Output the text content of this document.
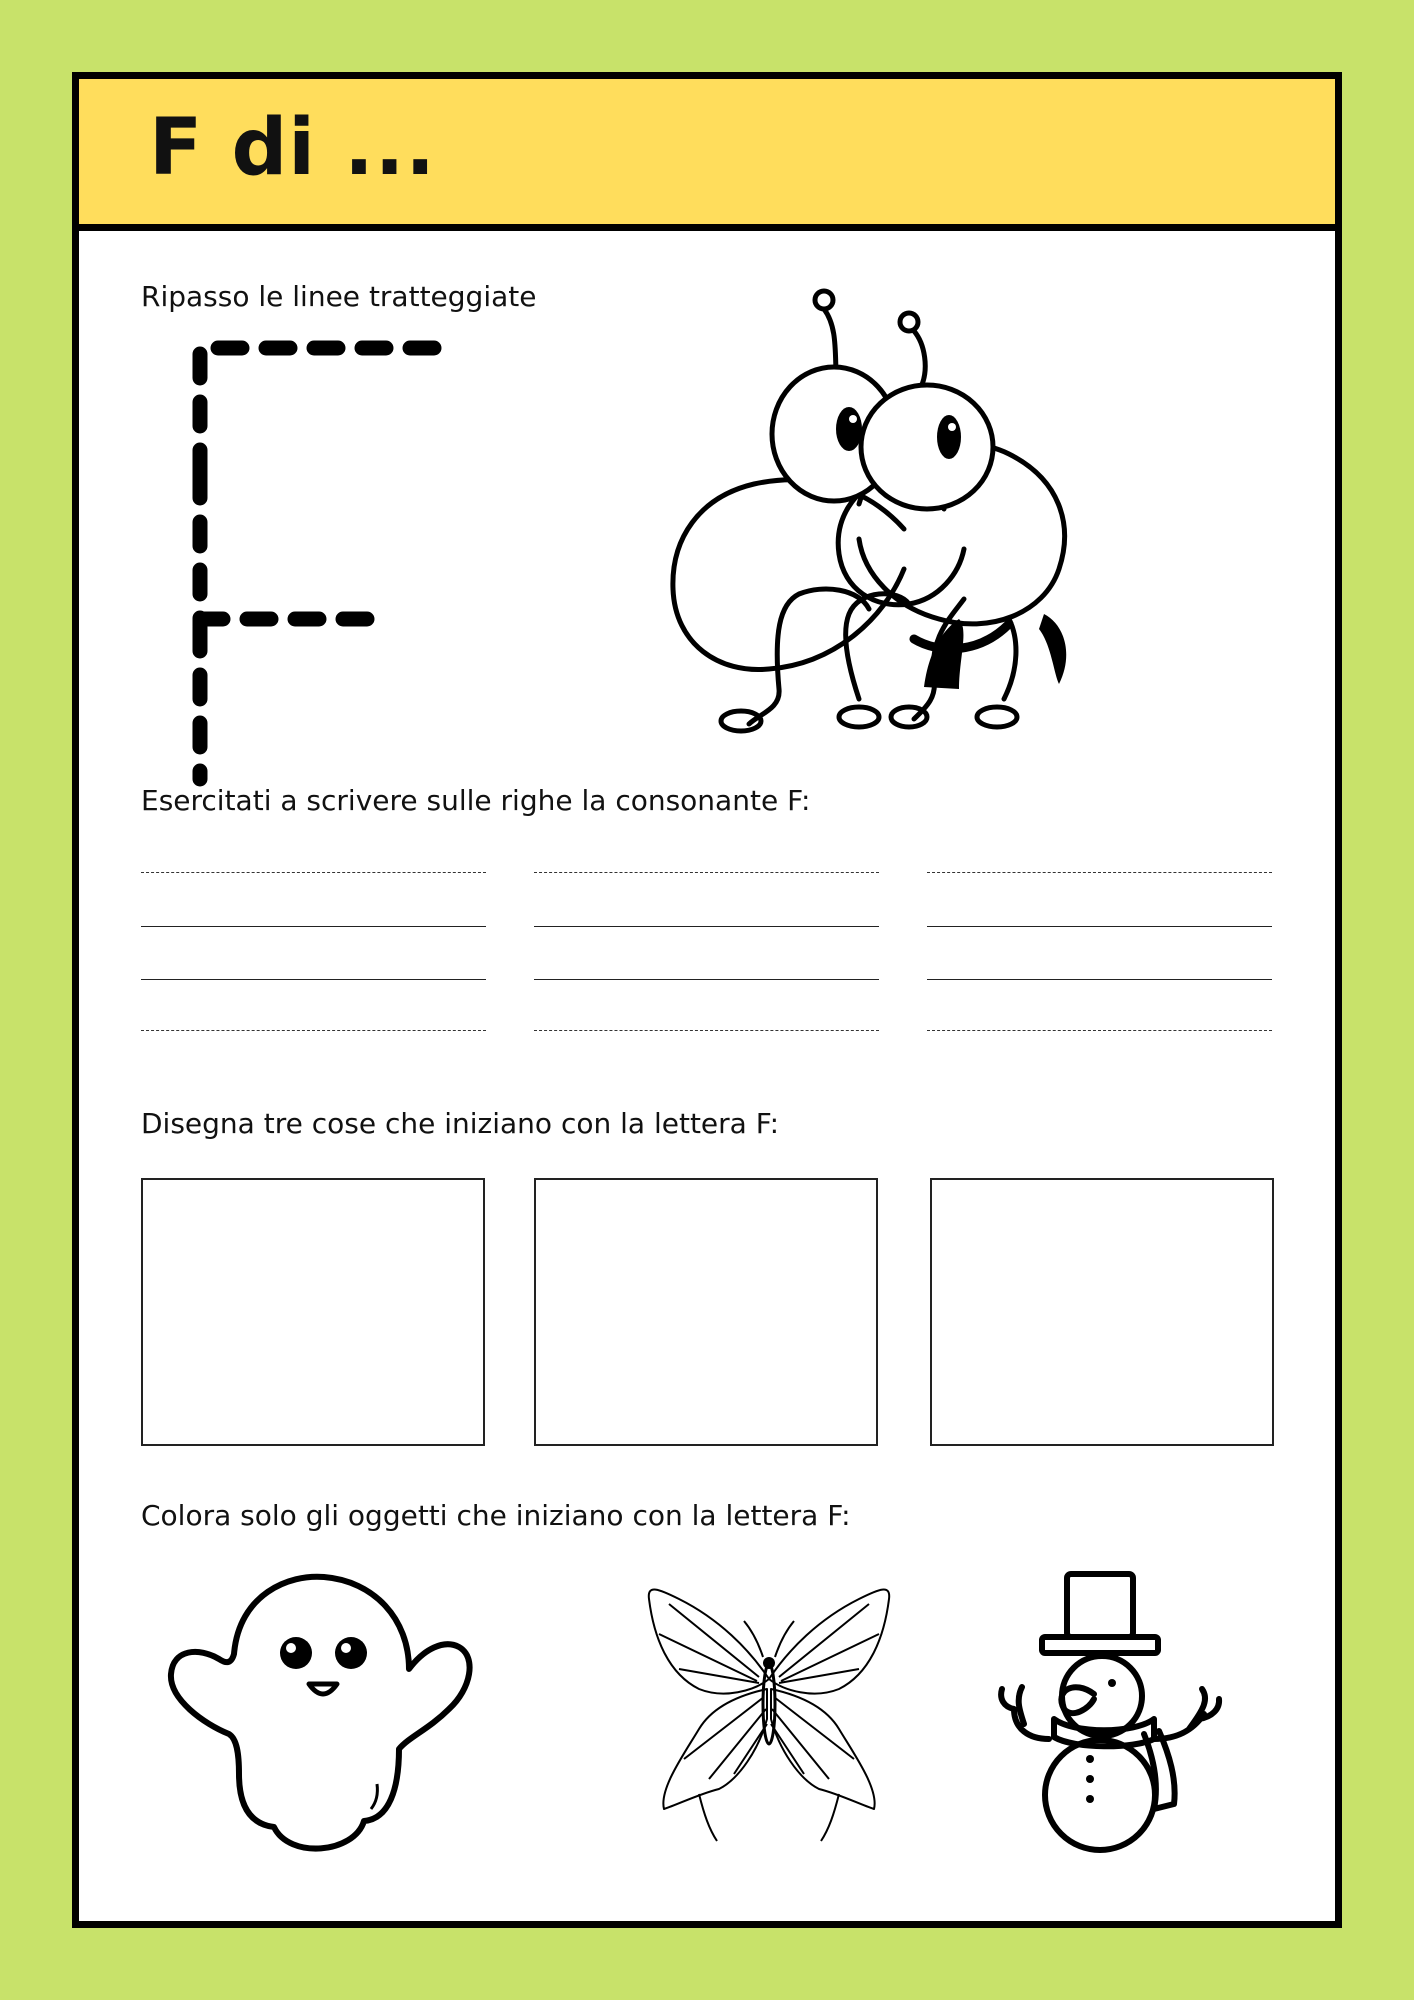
F di ...

Ripasso le linee tratteggiate

Esercitati a scrivere sulle righe la consonante F:

Disegna tre cose che iniziano con la lettera F:

Colora solo gli oggetti che iniziano con la lettera F:
